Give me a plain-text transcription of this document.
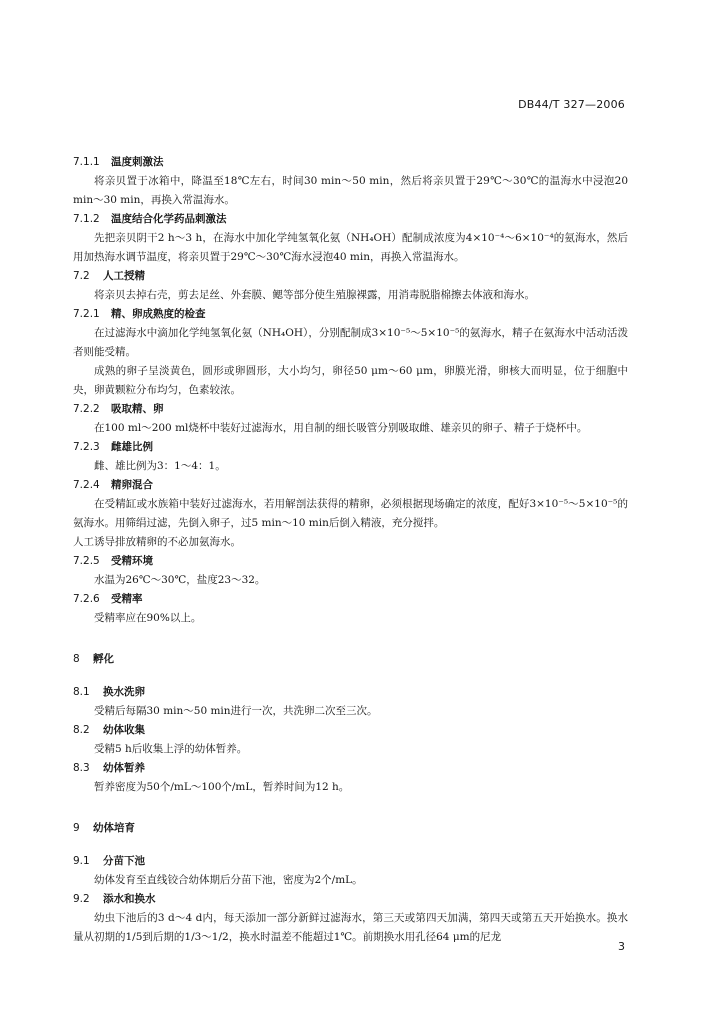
DB44/T 327—2006
7.1.1 温度刺激法
将亲贝置于冰箱中，降温至18℃左右，时间30 min～50 min，然后将亲贝置于29℃～30℃的温海水中浸泡20 min～30 min，再换入常温海水。
7.1.2 温度结合化学药品刺激法
先把亲贝阴干2 h～3 h，在海水中加化学纯氢氧化氨（NH₄OH）配制成浓度为4×10⁻⁴～6×10⁻⁴的氨海水，然后用加热海水调节温度，将亲贝置于29℃～30℃海水浸泡40 min，再换入常温海水。
7.2 人工授精
将亲贝去掉右壳，剪去足丝、外套膜、鳃等部分使生殖腺裸露，用消毒脱脂棉擦去体液和海水。
7.2.1 精、卵成熟度的检查
在过滤海水中滴加化学纯氢氧化氨（NH₄OH），分别配制成3×10⁻⁵～5×10⁻⁵的氨海水，精子在氨海水中活动活泼者则能受精。
成熟的卵子呈淡黄色，圆形或卵圆形，大小均匀，卵径50 μm～60 μm，卵膜光滑，卵核大而明显，位于细胞中央，卵黄颗粒分布均匀，色素较浓。
7.2.2 吸取精、卵
在100 ml～200 ml烧杯中装好过滤海水，用自制的细长吸管分别吸取雌、雄亲贝的卵子、精子于烧杯中。
7.2.3 雌雄比例
雌、雄比例为3：1～4：1。
7.2.4 精卵混合
在受精缸或水族箱中装好过滤海水，若用解剖法获得的精卵，必须根据现场确定的浓度，配好3×10⁻⁵～5×10⁻⁵的氨海水。用筛绢过滤，先倒入卵子，过5 min～10 min后倒入精液，充分搅拌。
人工诱导排放精卵的不必加氨海水。
7.2.5 受精环境
水温为26℃～30℃，盐度23～32。
7.2.6 受精率
受精率应在90%以上。
8 孵化
8.1 换水洗卵
受精后每隔30 min～50 min进行一次，共洗卵二次至三次。
8.2 幼体收集
受精5 h后收集上浮的幼体暂养。
8.3 幼体暂养
暂养密度为50个/mL～100个/mL，暂养时间为12 h。
9 幼体培育
9.1 分苗下池
幼体发育至直线铰合幼体期后分苗下池，密度为2个/mL。
9.2 添水和换水
幼虫下池后的3 d～4 d内，每天添加一部分新鲜过滤海水，第三天或第四天加满，第四天或第五天开始换水。换水量从初期的1/5到后期的1/3～1/2，换水时温差不能超过1℃。前期换水用孔径64 μm的尼龙
3
